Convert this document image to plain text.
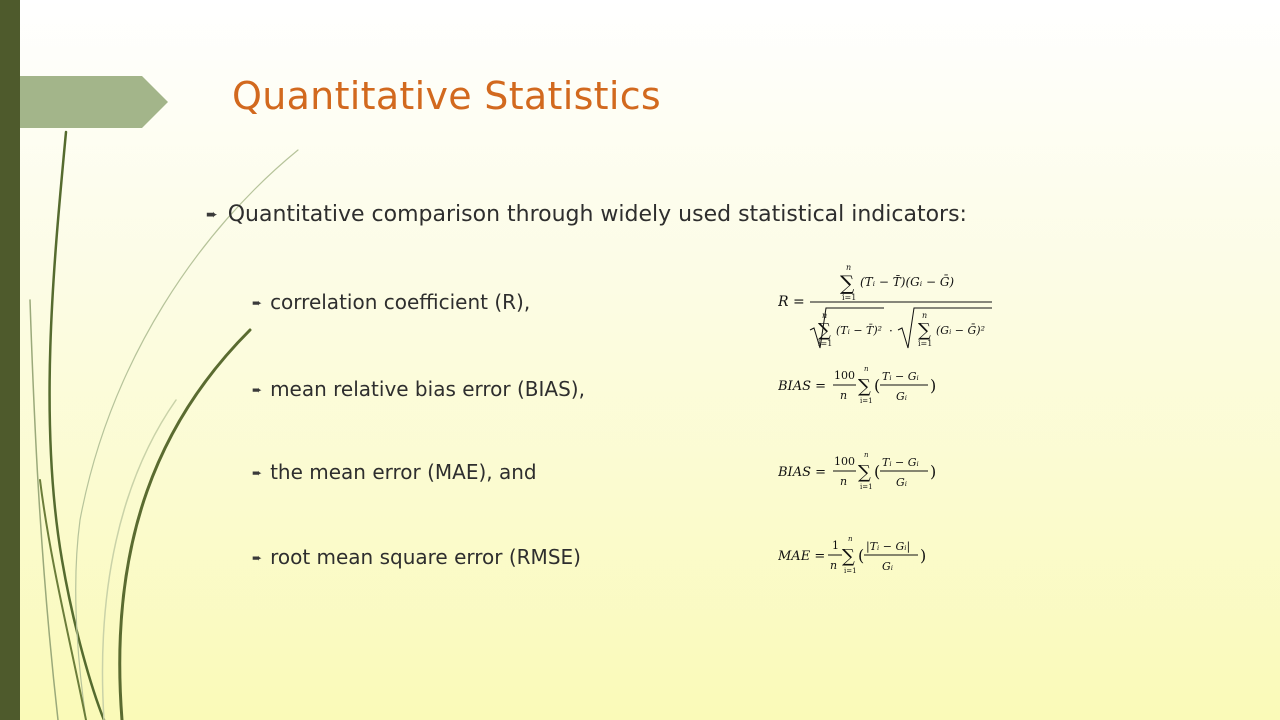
Quantitative Statistics
➨ Quantitative comparison through widely used statistical indicators:
➨ correlation coefficient (R),
➨ mean relative bias error (BIAS),
➨ the mean error (MAE), and
➨ root mean square error (RMSE)
R =
n
∑
i=1
(Tᵢ − T̄)(Gᵢ − Ḡ)
n
∑
i=1
(Tᵢ − T̄)² ·
n
∑
i=1
(Gᵢ − Ḡ)²
BIAS =
100
n
n
∑
i=1
( Tᵢ − Gᵢ
Gᵢ
)
BIAS =
100
n
n
∑
i=1
( Tᵢ − Gᵢ
Gᵢ
)
MAE =
1
n
n
∑
i=1
( |Tᵢ − Gᵢ|
Gᵢ
)
